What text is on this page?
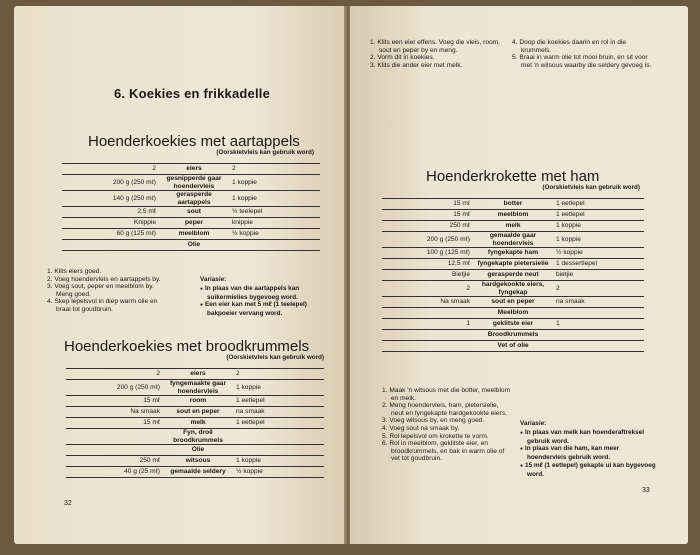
6. Koekies en frikkadelle
Hoenderkoekies met aartappels
(Oorskietvleis kan gebruik word)
2	eiers	2
200 g (250 mℓ)	gesnipperde gaar hoendervleis	1 koppie
140 g (250 mℓ)	gerasperde aartappels	1 koppie
2,5 mℓ	sout	½ teelepel
Knippie	peper	knippie
60 g (125 mℓ)	meelblom	½ koppie
	Olie	
1. Klits eiers goed.
2. Voeg hoendervleis en aartappels by.
3. Voeg sout, peper en meelblom by. Meng goed.
4. Skep lepelsvol in diep warm olie en braai tot goudbruin.
Variasie:
● In plaas van die aartappels kan suikermielies bygevoeg word.
● Een eier kan met 5 mℓ (1 teelepel) bakpoeier vervang word.
Hoenderkoekies met broodkrummels
(Oorskietvleis kan gebruik word)
2	eiers	2
200 g (250 mℓ)	fyngemaakte gaar hoendervleis	1 koppie
15 mℓ	room	1 eetlepel
Na smaak	sout en peper	na smaak
15 mℓ	melk	1 eetlepel
	Fyn, droë broodkrummels	
	Olie	
250 mℓ	witsous	1 koppie
40 g (25 mℓ)	gemaalde seldery	½ koppie
32
1. Klits een eier effens. Voeg die vleis, room, sout en peper by en meng.
2. Vorm dit in koekies.
3. Klits die ander eier met melk.
4. Doop die koekies daarin en rol in die krummels.
5. Braai in warm olie tot mooi bruin, en sit voor met 'n witsous waarby die seldery gevoeg is.
Hoenderkrokette met ham
(Oorskietvleis kan gebruik word)
15 mℓ	botter	1 eetlepel
15 mℓ	meelblom	1 eetlepel
250 mℓ	melk	1 koppie
200 g (250 mℓ)	gemaalde gaar hoendervleis	1 koppie
100 g (125 mℓ)	fyngekapte ham	½ koppie
12,5 mℓ	fyngekapte pietersielie	1 dessertlepel
Bietjie	gerasperde neut	bietjie
2	hardgekookte eiers, fyngekap	2
Na smaak	sout en peper	na smaak
	Meelblom	
1	geklitste eier	1
	Broodkrummels	
	Vet of olie	
1. Maak 'n witsous met die botter, meelblom en melk.
2. Meng hoendervleis, ham, pietersielie, neut en fyngekapte hardgekookte eiers.
3. Voeg witsous by, en meng goed.
4. Voeg sout na smaak by.
5. Rol lepelsvol om krokette te vorm.
6. Rol in meelblom, geklitste eier, en broodkrummels, en bak in warm olie of vet tot goudbruin.
Variasie:
● In plaas van melk kan hoenderaftreksel gebruik word.
● In plaas van die ham, kan meer hoendervleis gebruik word.
● 15 mℓ (1 eetlepel) gekapte ui kan bygevoeg word.
33
